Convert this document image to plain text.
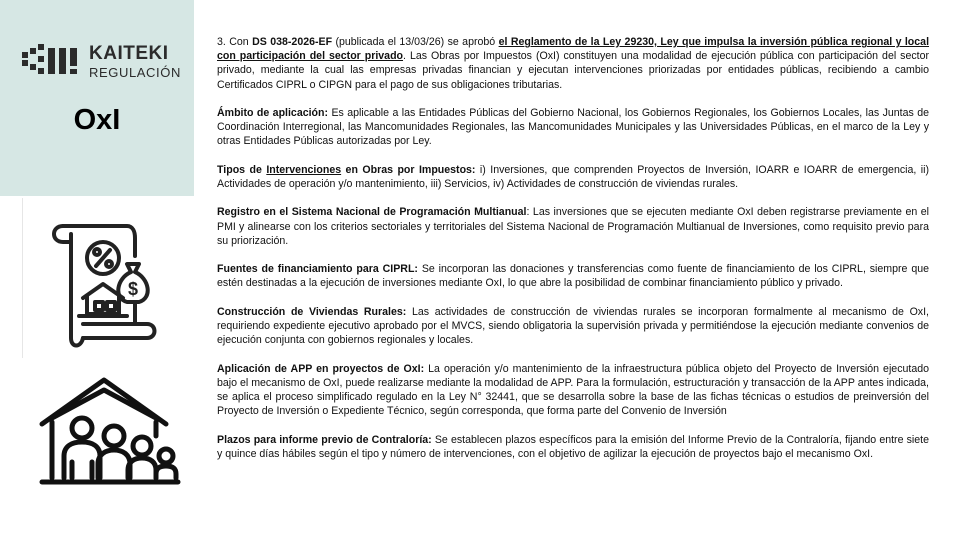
KAITEKI
REGULACIÓN
OxI
$

3. Con DS 038-2026-EF (publicada el 13/03/26) se aprobó el Reglamento de la Ley 29230, Ley que impulsa la inversión pública regional y local con participación del sector privado. Las Obras por Impuestos (OxI) constituyen una modalidad de ejecución pública con participación del sector privado, mediante la cual las empresas privadas financian y ejecutan intervenciones priorizadas por entidades públicas, recibiendo a cambio Certificados CIPRL o CIPGN para el pago de sus obligaciones tributarias.

Ámbito de aplicación: Es aplicable a las Entidades Públicas del Gobierno Nacional, los Gobiernos Regionales, los Gobiernos Locales, las Juntas de Coordinación Interregional, las Mancomunidades Regionales, las Mancomunidades Municipales y las Universidades Públicas, en el marco de la Ley y otras Entidades Públicas autorizadas por Ley.

Tipos de Intervenciones en Obras por Impuestos: i) Inversiones, que comprenden Proyectos de Inversión, IOARR e IOARR de emergencia, ii) Actividades de operación y/o mantenimiento, iii) Servicios, iv) Actividades de construcción de viviendas rurales.

Registro en el Sistema Nacional de Programación Multianual: Las inversiones que se ejecuten mediante OxI deben registrarse previamente en el PMI y alinearse con los criterios sectoriales y territoriales del Sistema Nacional de Programación Multianual de Inversiones, como requisito previo para su priorización.

Fuentes de financiamiento para CIPRL: Se incorporan las donaciones y transferencias como fuente de financiamiento de los CIPRL, siempre que estén destinadas a la ejecución de inversiones mediante OxI, lo que abre la posibilidad de combinar financiamiento público y privado.

Construcción de Viviendas Rurales: Las actividades de construcción de viviendas rurales se incorporan formalmente al mecanismo de OxI, requiriendo expediente ejecutivo aprobado por el MVCS, siendo obligatoria la supervisión privada y permitiéndose la ejecución mediante convenios de ejecución conjunta con gobiernos regionales y locales.

Aplicación de APP en proyectos de OxI: La operación y/o mantenimiento de la infraestructura pública objeto del Proyecto de Inversión ejecutado bajo el mecanismo de OxI, puede realizarse mediante la modalidad de APP. Para la formulación, estructuración y transacción de la APP antes indicada, se aplica el proceso simplificado regulado en la Ley N° 32441, que se desarrolla sobre la base de las fichas técnicas o estudios de preinversión del Proyecto de Inversión o Expediente Técnico, según corresponda, que forma parte del Convenio de Inversión

Plazos para informe previo de Contraloría: Se establecen plazos específicos para la emisión del Informe Previo de la Contraloría, fijando entre siete y quince días hábiles según el tipo y número de intervenciones, con el objetivo de agilizar la ejecución de proyectos bajo el mecanismo OxI.
